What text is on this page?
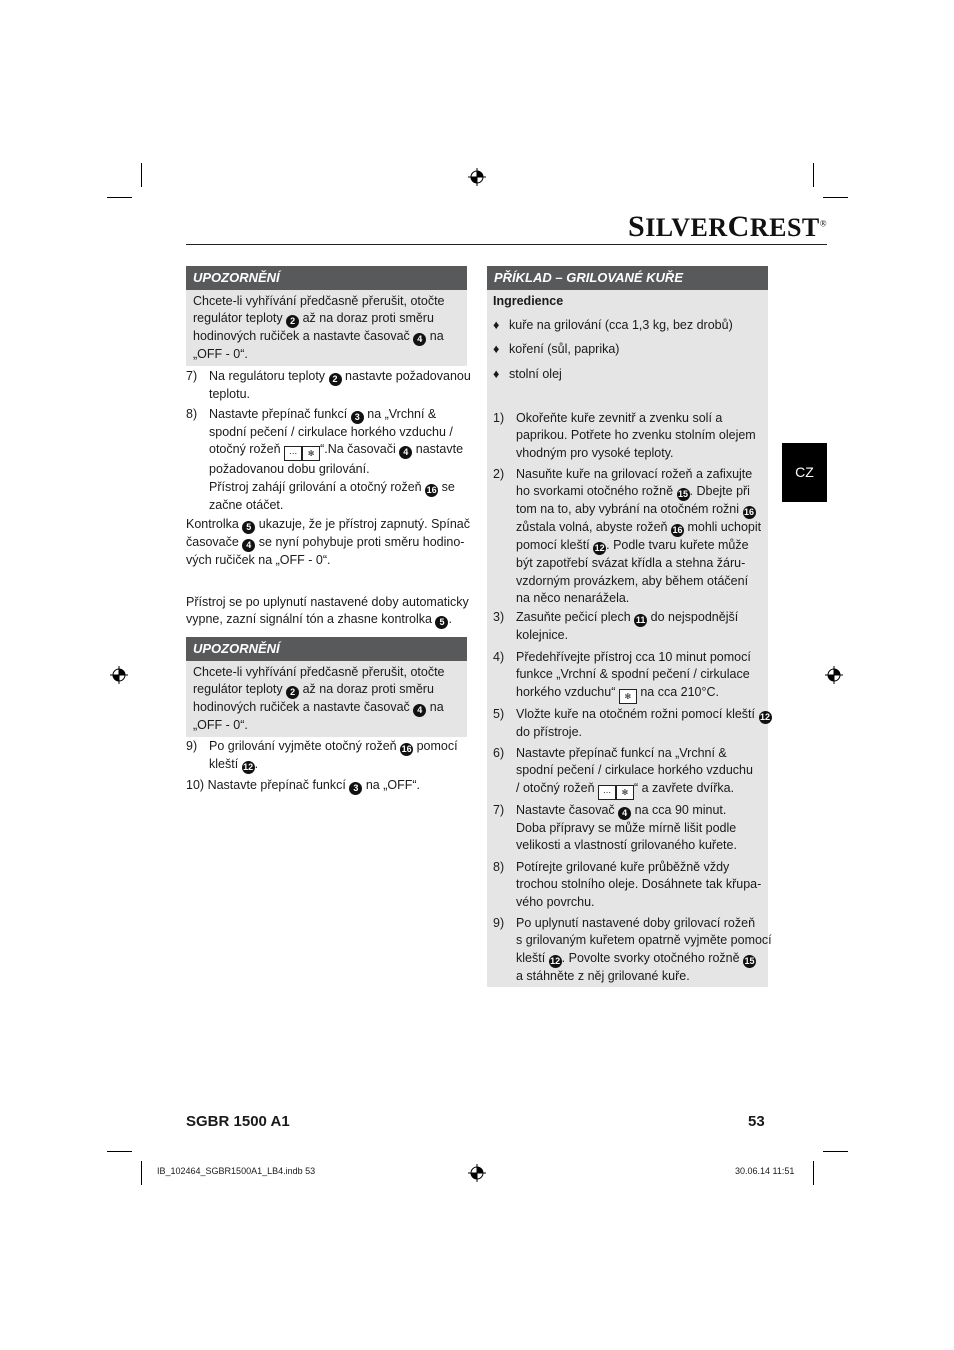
SILVERCREST®
UPOZORNĚNÍ
Chcete-li vyhřívání předčasně přerušit, otočte
regulátor teploty 2 až na doraz proti směru
hodinových ručiček a nastavte časovač 4 na
„OFF - 0“.
7) Na regulátoru teploty 2 nastavte požadovanou
teplotu.
8) Nastavte přepínač funkcí 3 na „Vrchní &
spodní pečení / cirkulace horkého vzduchu /
otočný rožeň ⋯ ✻ “.Na časovači 4 nastavte
požadovanou dobu grilování.
Přístroj zahájí grilování a otočný rožeň 16 se
začne otáčet.
Kontrolka 5 ukazuje, že je přístroj zapnutý. Spínač
časovače 4 se nyní pohybuje proti směru hodino-
vých ručiček na „OFF - 0“.
Přístroj se po uplynutí nastavené doby automaticky
vypne, zazní signální tón a zhasne kontrolka 5 .
UPOZORNĚNÍ
Chcete-li vyhřívání předčasně přerušit, otočte
regulátor teploty 2 až na doraz proti směru
hodinových ručiček a nastavte časovač 4 na
„OFF - 0“.
9) Po grilování vyjměte otočný rožeň 16 pomocí
kleští 12 .
10) Nastavte přepínač funkcí 3 na „OFF“.
PŘÍKLAD – GRILOVANÉ KUŘE
Ingredience
♦ kuře na grilování (cca 1,3 kg, bez drobů)
♦ koření (sůl, paprika)
♦ stolní olej
1) Okořeňte kuře zevnitř a zvenku solí a
paprikou. Potřete ho zvenku stolním olejem
vhodným pro vysoké teploty.
2) Nasuňte kuře na grilovací rožeň a zafixujte
ho svorkami otočného rožně 15 . Dbejte při
tom na to, aby vybrání na otočném rožni 16
zůstala volná, abyste rožeň 16 mohli uchopit
pomocí kleští 12 . Podle tvaru kuřete může
být zapotřebí svázat křídla a stehna žáru-
vzdorným provázkem, aby během otáčení
na něco nenarážela.
3) Zasuňte pečicí plech 11 do nejspodnější
kolejnice.
4) Předehřívejte přístroj cca 10 minut pomocí
funkce „Vrchní & spodní pečení / cirkulace
horkého vzduchu“ ✻ na cca 210°C.
5) Vložte kuře na otočném rožni pomocí kleští 12
do přístroje.
6) Nastavte přepínač funkcí na „Vrchní &
spodní pečení / cirkulace horkého vzduchu
/ otočný rožeň ⋯ ✻ “ a zavřete dvířka.
7) Nastavte časovač 4 na cca 90 minut.
Doba přípravy se může mírně lišit podle
velikosti a vlastností grilovaného kuřete.
8) Potírejte grilované kuře průběžně vždy
trochou stolního oleje. Dosáhnete tak křupa-
vého povrchu.
9) Po uplynutí nastavené doby grilovací rožeň
s grilovaným kuřetem opatrně vyjměte pomocí
kleští 12 . Povolte svorky otočného rožně 15
a stáhněte z něj grilované kuře.
CZ
SGBR 1500 A1	53
IB_102464_SGBR1500A1_LB4.indb 53	30.06.14 11:51
